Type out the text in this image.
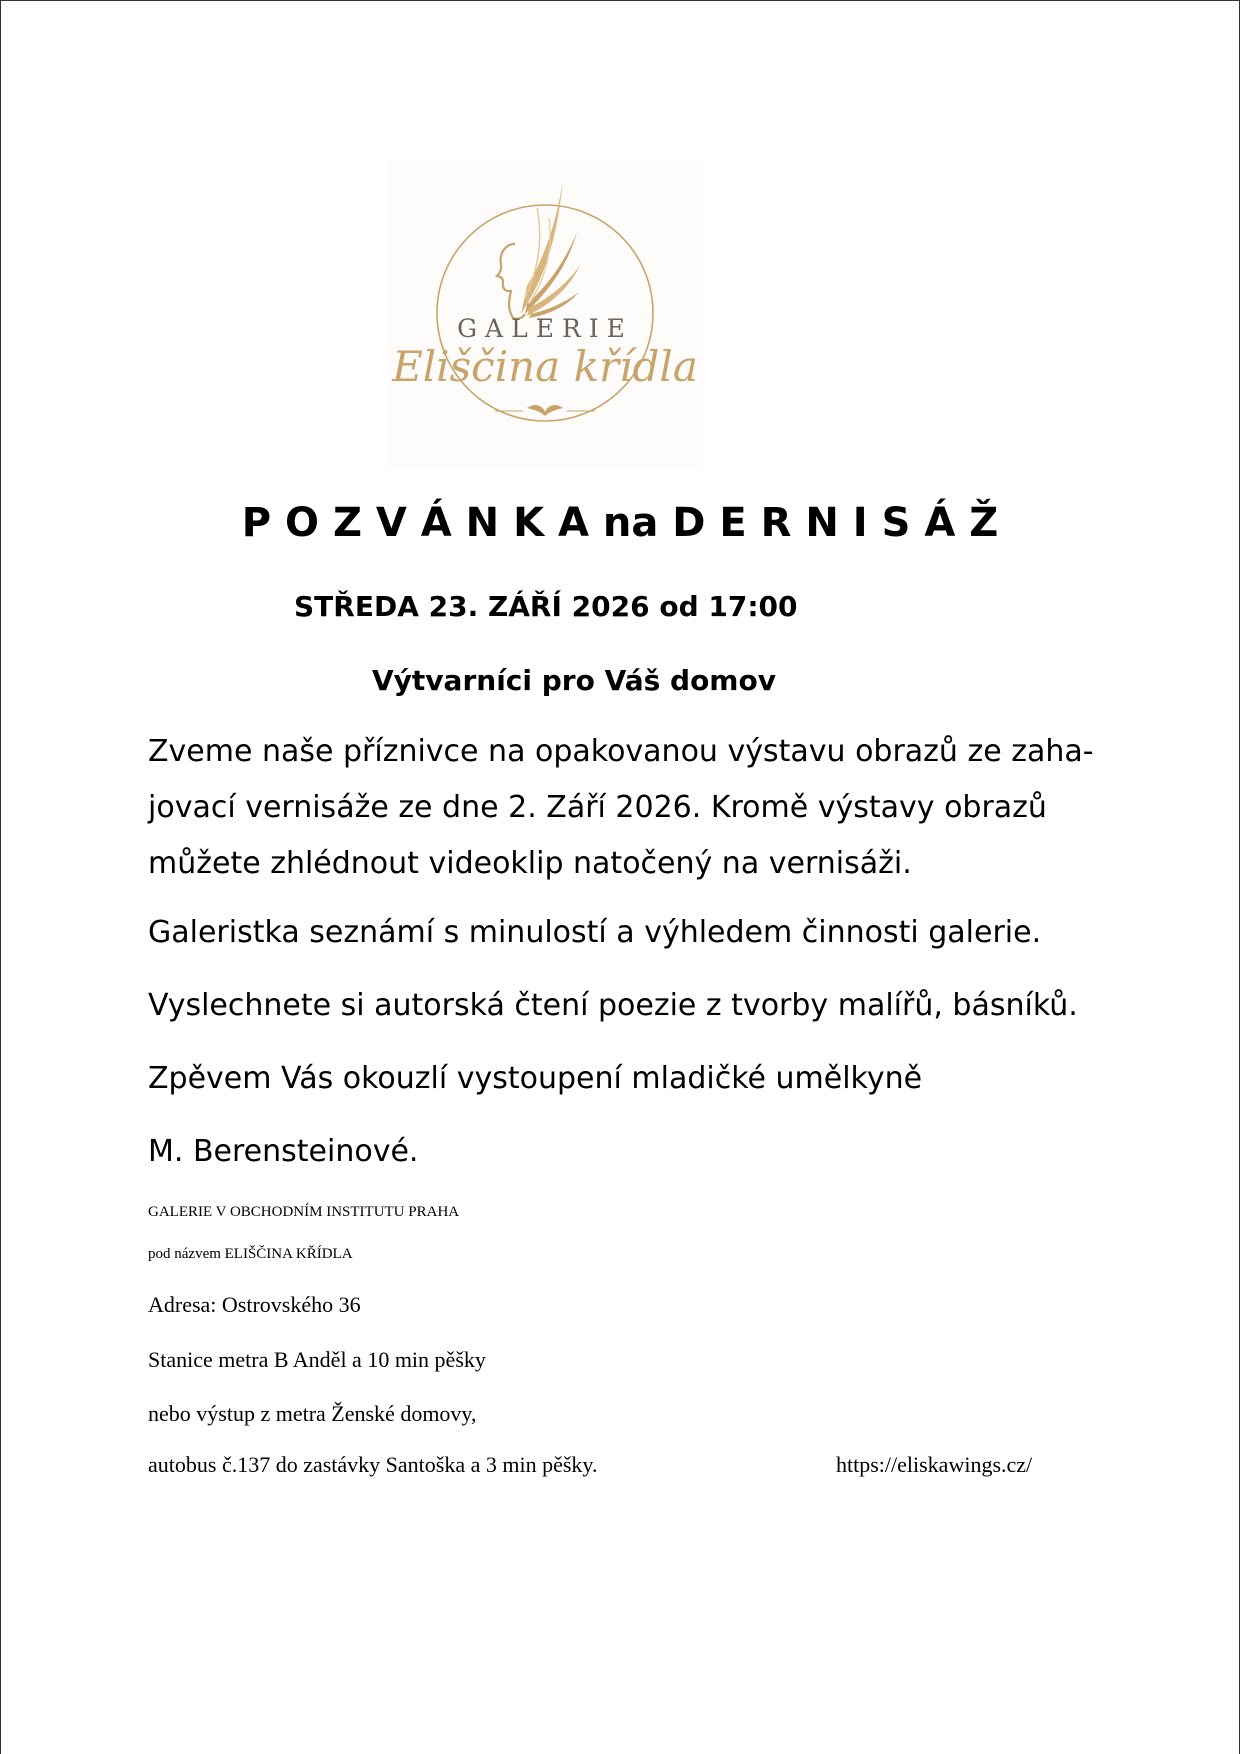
GALERIE
Eliščina křídla
P O Z V Á N K A na D E R N I S Á Ž
STŘEDA 23. ZÁŘÍ 2026 od 17:00
Výtvarníci pro Váš domov
Zveme naše příznivce na opakovanou výstavu obrazů ze zaha-
jovací vernisáže ze dne 2. Září 2026. Kromě výstavy obrazů
můžete zhlédnout videoklip natočený na vernisáži.
Galeristka seznámí s minulostí a výhledem činnosti galerie.
Vyslechnete si autorská čtení poezie z tvorby malířů, básníků.
Zpěvem Vás okouzlí vystoupení mladičké umělkyně
M. Berensteinové.
GALERIE V OBCHODNÍM INSTITUTU PRAHA
pod názvem ELIŠČINA KŘÍDLA
Adresa: Ostrovského 36
Stanice metra B Anděl a 10 min pěšky
nebo výstup z metra Ženské domovy,
autobus č.137 do zastávky Santoška a 3 min pěšky.	https://eliskawings.cz/
